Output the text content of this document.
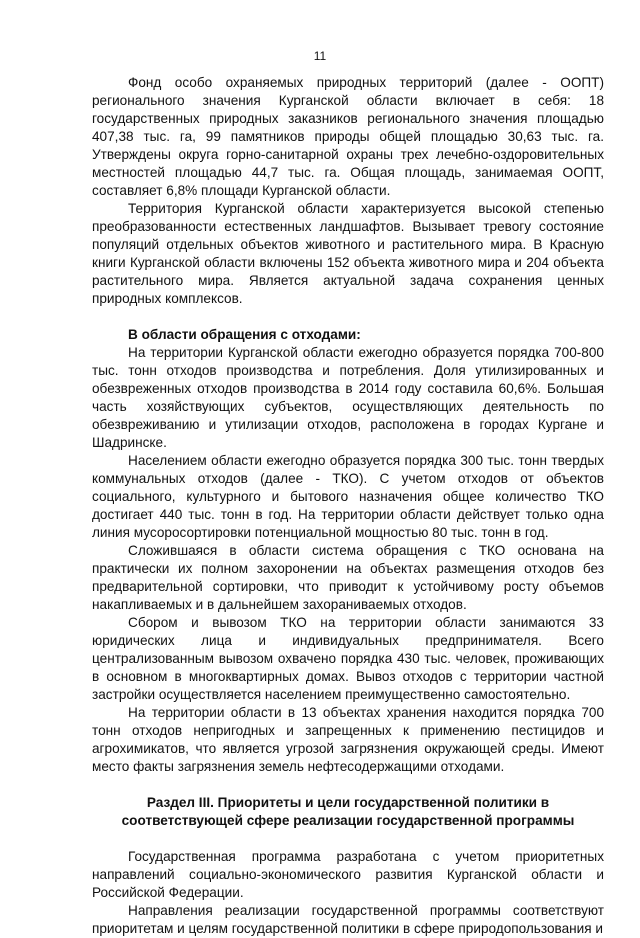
11

Фонд особо охраняемых природных территорий (далее - ООПТ) регионального значения Курганской области включает в себя: 18 государственных природных заказников регионального значения площадью 407,38 тыс. га, 99 памятников природы общей площадью 30,63 тыс. га. Утверждены округа горно-санитарной охраны трех лечебно-оздоровительных местностей площадью 44,7 тыс. га. Общая площадь, занимаемая ООПТ, составляет 6,8% площади Курганской области.

Территория Курганской области характеризуется высокой степенью преобразованности естественных ландшафтов. Вызывает тревогу состояние популяций отдельных объектов животного и растительного мира. В Красную книги Курганской области включены 152 объекта животного мира и 204 объекта растительного мира. Является актуальной задача сохранения ценных природных комплексов.

В области обращения с отходами:

На территории Курганской области ежегодно образуется порядка 700-800 тыс. тонн отходов производства и потребления. Доля утилизированных и обезвреженных отходов производства в 2014 году составила 60,6%. Большая часть хозяйствующих субъектов, осуществляющих деятельность по обезвреживанию и утилизации отходов, расположена в городах Кургане и Шадринске.

Населением области ежегодно образуется порядка 300 тыс. тонн твердых коммунальных отходов (далее - ТКО). С учетом отходов от объектов социального, культурного и бытового назначения общее количество ТКО достигает 440 тыс. тонн в год. На территории области действует только одна линия мусоросортировки потенциальной мощностью 80 тыс. тонн в год.

Сложившаяся в области система обращения с ТКО основана на практически их полном захоронении на объектах размещения отходов без предварительной сортировки, что приводит к устойчивому росту объемов накапливаемых и в дальнейшем захораниваемых отходов.

Сбором и вывозом ТКО на территории области занимаются 33 юридических лица и индивидуальных предпринимателя. Всего централизованным вывозом охвачено порядка 430 тыс. человек, проживающих в основном в многоквартирных домах. Вывоз отходов с территории частной застройки осуществляется населением преимущественно самостоятельно.

На территории области в 13 объектах хранения находится порядка 700 тонн отходов непригодных и запрещенных к применению пестицидов и агрохимикатов, что является угрозой загрязнения окружающей среды. Имеют место факты загрязнения земель нефтесодержащими отходами.

Раздел III. Приоритеты и цели государственной политики в соответствующей сфере реализации государственной программы

Государственная программа разработана с учетом приоритетных направлений социально-экономического развития Курганской области и Российской Федерации.

Направления реализации государственной программы соответствуют приоритетам и целям государственной политики в сфере природопользования и
